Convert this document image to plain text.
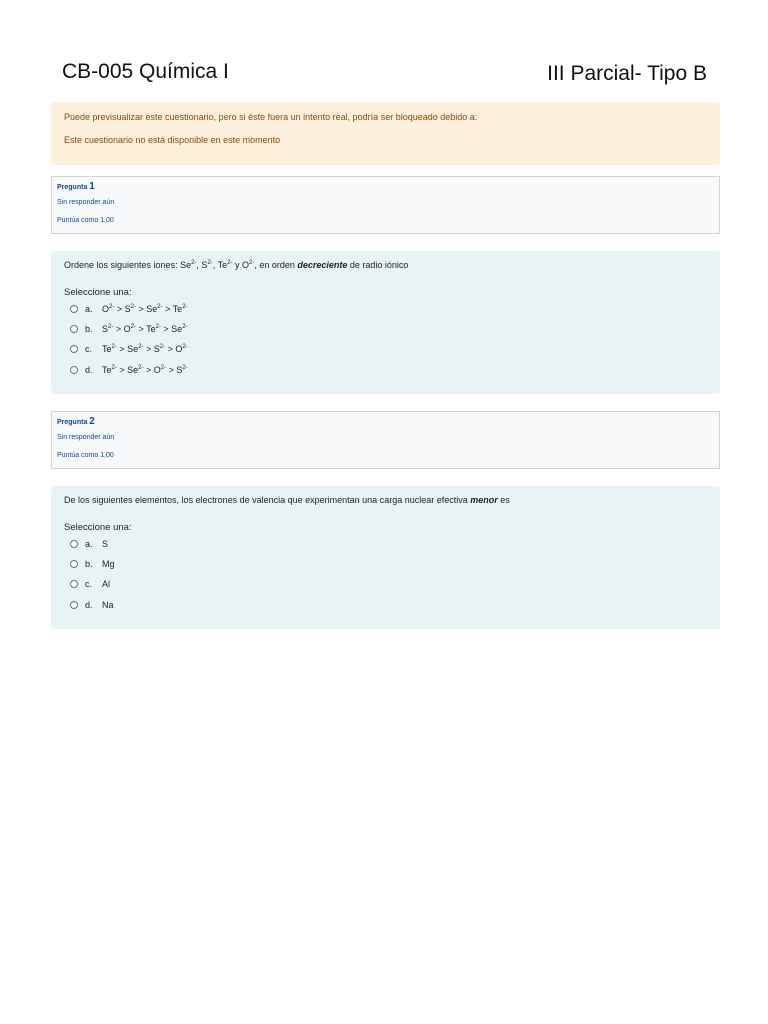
CB-005 Química I	III Parcial- Tipo B
Puede previsualizar este cuestionario, pero si éste fuera un intento real, podría ser bloqueado debido a:
Este cuestionario no está disponible en este momento
Pregunta 1
Sin responder aún
Puntúa como 1,00
Ordene los siguientes iones: $Se^{2-}$, $S^{2-}$, $Te^{2-}$ y $O^{2-}$, en orden decreciente de radio iónico
Seleccione una:
a.	$O^{2-} > S^{2-} > Se^{2-} > Te^{2-}$
b.	$S^{2-} > O^{2-} > Te^{2-} > Se^{2-}$
c.	$Te^{2-} > Se^{2-} > S^{2-} > O^{2-}$
d.	$Te^{2-} > Se^{2-} > O^{2-} > S^{2-}$
Pregunta 2
Sin responder aún
Puntúa como 1,00
De los siguientes elementos, los electrones de valencia que experimentan una carga nuclear efectiva menor es
Seleccione una:
a.	S
b.	Mg
c.	Al
d.	Na
